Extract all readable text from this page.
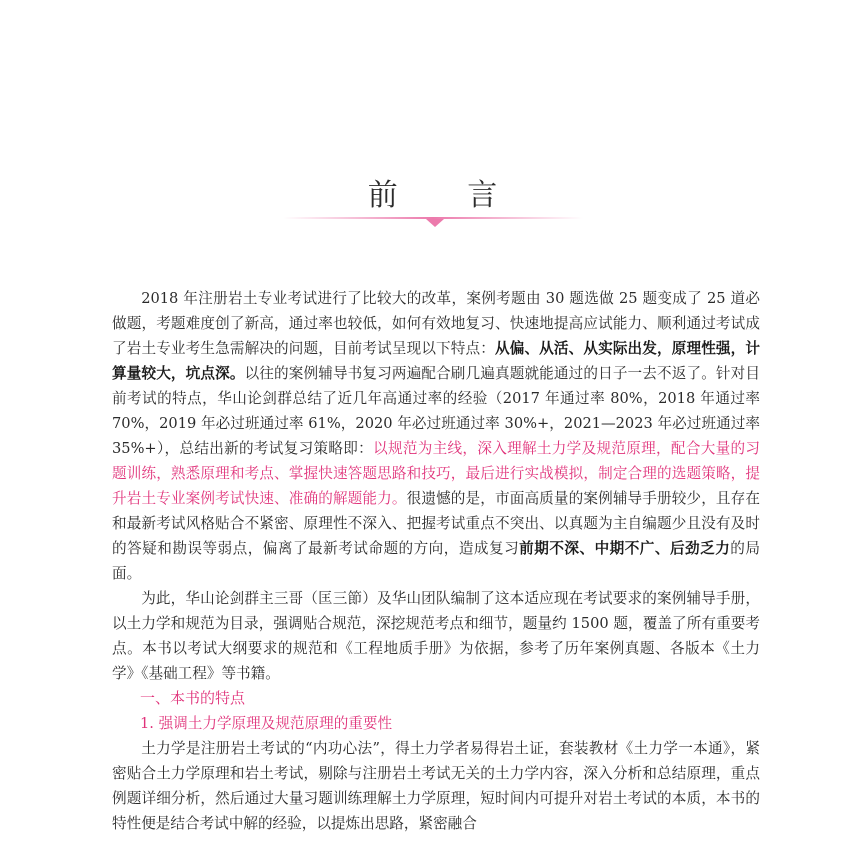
前 言

2018 年注册岩土专业考试进行了比较大的改革，案例考题由 30 题选做 25 题变成了 25 道必做题，考题难度创了新高，通过率也较低，如何有效地复习、快速地提高应试能力、顺利通过考试成了岩土专业考生急需解决的问题，目前考试呈现以下特点：从偏、从活、从实际出发，原理性强，计算量较大，坑点深。以往的案例辅导书复习两遍配合刷几遍真题就能通过的日子一去不返了。针对目前考试的特点，华山论剑群总结了近几年高通过率的经验（2017 年通过率 80%，2018 年通过率 70%，2019 年必过班通过率 61%，2020 年必过班通过率 30%+，2021—2023 年必过班通过率 35%+），总结出新的考试复习策略即：以规范为主线，深入理解土力学及规范原理，配合大量的习题训练，熟悉原理和考点、掌握快速答题思路和技巧，最后进行实战模拟，制定合理的选题策略，提升岩土专业案例考试快速、准确的解题能力。很遗憾的是，市面高质量的案例辅导手册较少，且存在和最新考试风格贴合不紧密、原理性不深入、把握考试重点不突出、以真题为主自编题少且没有及时的答疑和勘误等弱点，偏离了最新考试命题的方向，造成复习前期不深、中期不广、后劲乏力的局面。

为此，华山论剑群主三哥（匡三節）及华山团队编制了这本适应现在考试要求的案例辅导手册，以土力学和规范为目录，强调贴合规范，深挖规范考点和细节，题量约 1500 题，覆盖了所有重要考点。本书以考试大纲要求的规范和《工程地质手册》为依据，参考了历年案例真题、各版本《土力学》《基础工程》等书籍。

一、本书的特点

1. 强调土力学原理及规范原理的重要性

土力学是注册岩土考试的“内功心法”，得土力学者易得岩土证，套装教材《土力学一本通》，紧密贴合土力学原理和岩土考试，剔除与注册岩土考试无关的土力学内容，深入分析和总结原理，重点例题详细分析，然后通过大量习题训练理解土力学原理，短时间内可提升对岩土考试的本质，本书的特性便是结合考试中解的经验，以提炼出思路，紧密融合
